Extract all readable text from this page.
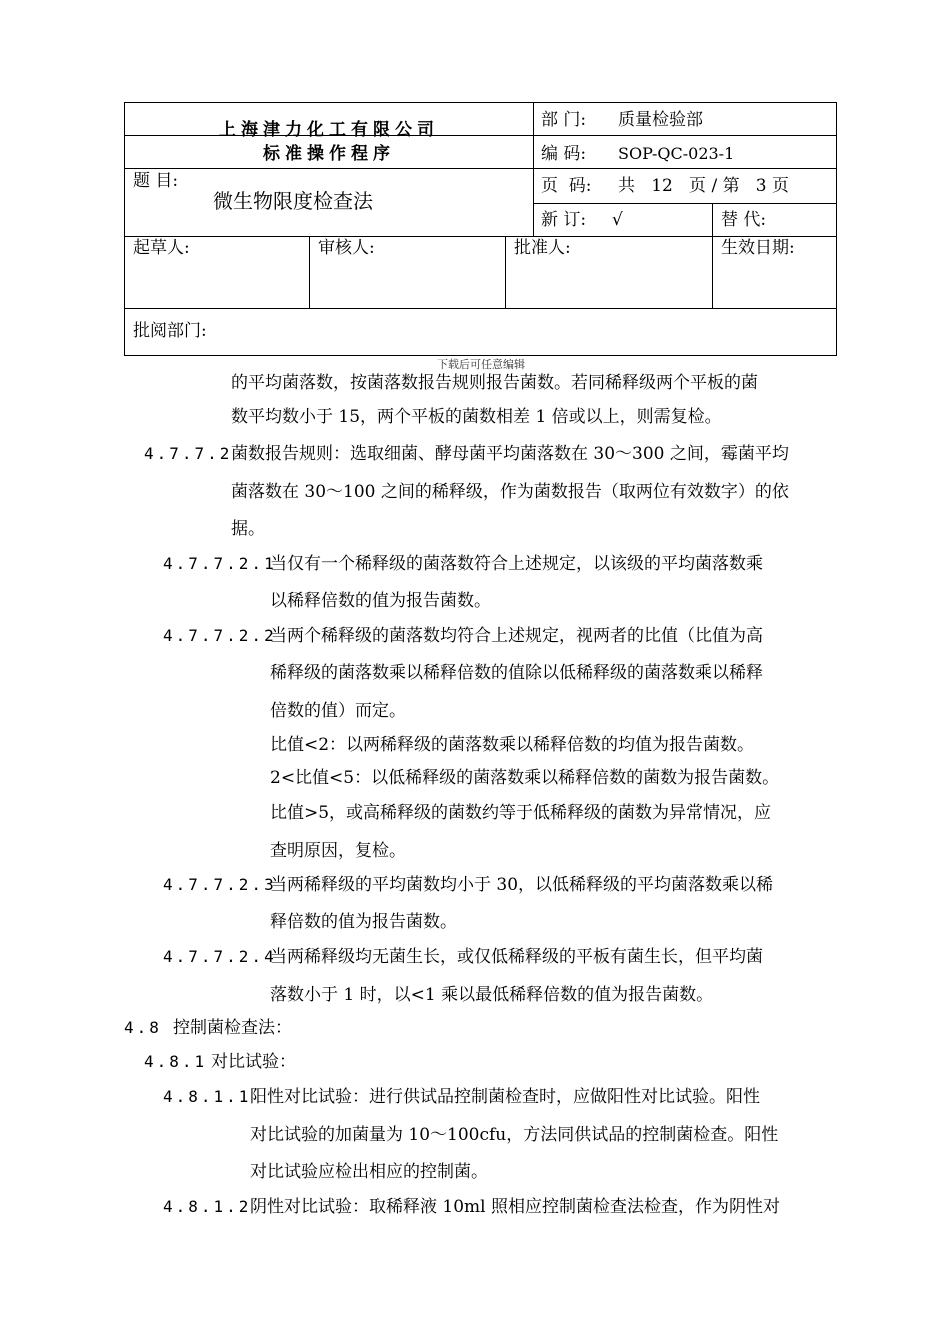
上海津力化工有限公司
标准操作程序
部 门: 质量检验部
编 码: SOP-QC-023-1
题 目:
微生物限度检查法
页  码: 共   12   页 / 第   3 页
新 订: √	替 代:
起草人:	审核人:	批准人:	生效日期:
批阅部门:
下载后可任意编辑
的平均菌落数，按菌落数报告规则报告菌数。若同稀释级两个平板的菌
数平均数小于 15，两个平板的菌数相差 1 倍或以上，则需复检。
4.7.7.2
菌数报告规则：选取细菌、酵母菌平均菌落数在 30～300 之间，霉菌平均
菌落数在 30～100 之间的稀释级，作为菌数报告（取两位有效数字）的依
据。
4.7.7.2.1
当仅有一个稀释级的菌落数符合上述规定，以该级的平均菌落数乘
以稀释倍数的值为报告菌数。
4.7.7.2.2
当两个稀释级的菌落数均符合上述规定，视两者的比值（比值为高
稀释级的菌落数乘以稀释倍数的值除以低稀释级的菌落数乘以稀释
倍数的值）而定。
比值<2：以两稀释级的菌落数乘以稀释倍数的均值为报告菌数。
2<比值<5：以低稀释级的菌落数乘以稀释倍数的菌数为报告菌数。
比值>5，或高稀释级的菌数约等于低稀释级的菌数为异常情况，应
查明原因，复检。
4.7.7.2.3
当两稀释级的平均菌数均小于 30，以低稀释级的平均菌落数乘以稀
释倍数的值为报告菌数。
4.7.7.2.4
当两稀释级均无菌生长，或仅低稀释级的平板有菌生长，但平均菌
落数小于 1 时，以<1 乘以最低稀释倍数的值为报告菌数。
4.8 控制菌检查法：
4.8.1 对比试验：
4.8.1.1
阳性对比试验：进行供试品控制菌检查时，应做阳性对比试验。阳性
对比试验的加菌量为 10～100cfu，方法同供试品的控制菌检查。阳性
对比试验应检出相应的控制菌。
4.8.1.2
阴性对比试验：取稀释液 10ml 照相应控制菌检查法检查，作为阴性对
